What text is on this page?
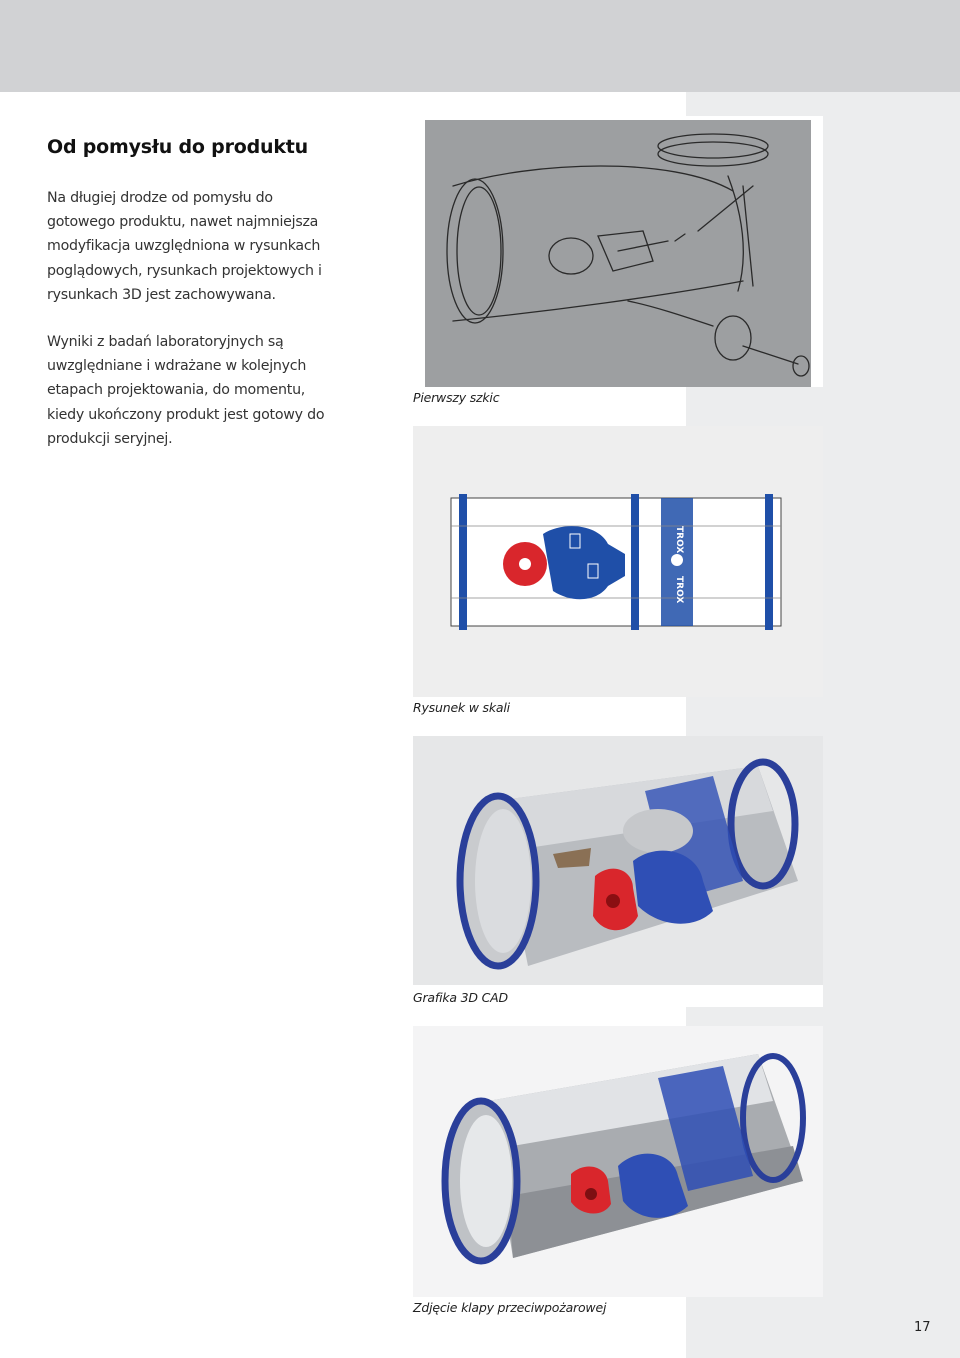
Od pomysłu do produktu

Na długiej drodze od pomysłu do gotowego produktu, nawet najmniejsza modyfikacja uwzględniona w rysunkach poglądowych, rysunkach projektowych i rysunkach 3D jest zachowywana.

Wyniki z badań laboratoryjnych są uwzględniane i wdrażane w kolejnych etapach projektowania, do momentu, kiedy ukończony produkt jest gotowy do produkcji seryjnej.

Pierwszy szkic

TROX
TROX

Rysunek w skali

Grafika 3D CAD

Zdjęcie klapy przeciwpożarowej

17
